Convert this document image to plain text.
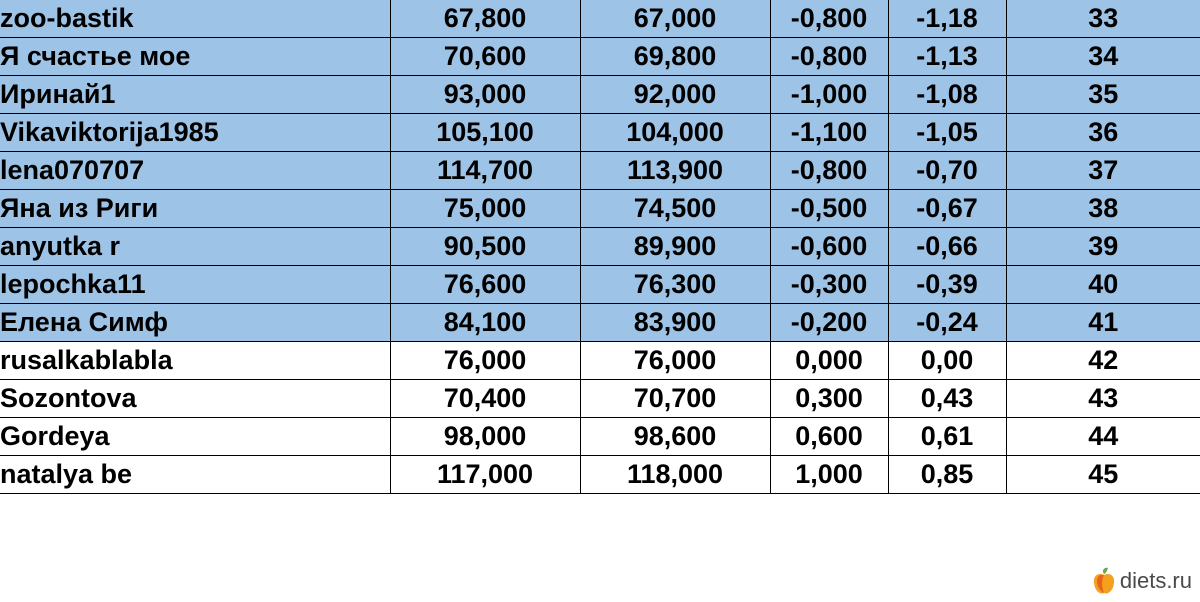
zoo-bastik	67,800	67,000	-0,800	-1,18	33
Я счастье мое	70,600	69,800	-0,800	-1,13	34
Иринай1	93,000	92,000	-1,000	-1,08	35
Vikaviktorija1985	105,100	104,000	-1,100	-1,05	36
lena070707	114,700	113,900	-0,800	-0,70	37
Яна из Риги	75,000	74,500	-0,500	-0,67	38
anyutka r	90,500	89,900	-0,600	-0,66	39
lepochka11	76,600	76,300	-0,300	-0,39	40
Елена Симф	84,100	83,900	-0,200	-0,24	41
rusalkablabla	76,000	76,000	0,000	0,00	42
Sozontova	70,400	70,700	0,300	0,43	43
Gordeya	98,000	98,600	0,600	0,61	44
natalya be	117,000	118,000	1,000	0,85	45
diets.ru
